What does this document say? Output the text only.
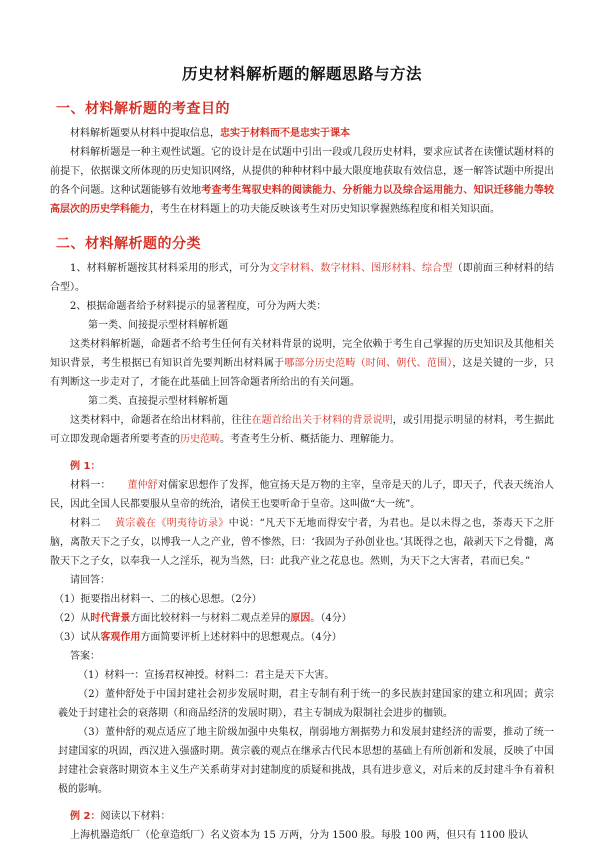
历史材料解析题的解题思路与方法
一、材料解析题的考查目的

材料解析题要从材料中提取信息，忠实于材料而不是忠实于课本

材料解析题是一种主观性试题。它的设计是在试题中引出一段或几段历史材料，要求应试者在读懂试题材料的前提下，依据课文所体现的历史知识网络，从提供的种种材料中最大限度地获取有效信息，逐一解答试题中所提出的各个问题。这种试题能够有效地考查考生驾驭史料的阅读能力、分析能力以及综合运用能力、知识迁移能力等较高层次的历史学科能力，考生在材料题上的功夫能反映该考生对历史知识掌握熟练程度和相关知识面。

二、材料解析题的分类

1、材料解析题按其材料采用的形式，可分为文字材料、数字材料、图形材料、综合型（即前面三种材料的结合型）。

2、根据命题者给予材料提示的显著程度，可分为两大类：

第一类、间接提示型材料解析题

这类材料解析题，命题者不给考生任何有关材料背景的说明，完全依赖于考生自己掌握的历史知识及其他相关知识背景，考生根据已有知识首先要判断出材料属于哪部分历史范畴（时间、朝代、范围），这是关键的一步，只有判断这一步走对了，才能在此基础上回答命题者所给出的有关问题。

第二类、直接提示型材料解析题

这类材料中，命题者在给出材料前，往往在题首给出关于材料的背景说明，或引用提示明显的材料，考生据此可立即发现命题者所要考查的历史范畴。考查考生分析、概括能力、理解能力。

例 1：

材料一： 董仲舒对儒家思想作了发挥，他宣扬天是万物的主宰，皇帝是天的儿子，即天子，代表天统治人民，因此全国人民都要服从皇帝的统治，诸侯王也要听命于皇帝。这叫做“大一统”。

材料二 黄宗羲在《明夷待访录》中说：“凡天下无地而得安宁者，为君也。是以未得之也，荼毒天下之肝脑，离散天下之子女，以博我一人之产业，曾不惨然，曰：‘我固为子孙创业也。’其既得之也，敲剥天下之骨髓，离散天下之子女，以奉我一人之淫乐，视为当然，曰：此我产业之花息也。然则，为天下之大害者，君而已矣。”

请回答：

（1）扼要指出材料一、二的核心思想。（2分）

（2）从时代背景方面比较材料一与材料二观点差异的原因。（4分）

（3）试从客观作用方面简要评析上述材料中的思想观点。（4分）

答案：

（1）材料一：宣扬君权神授。材料二：君主是天下大害。

（2）董仲舒处于中国封建社会初步发展时期，君主专制有利于统一的多民族封建国家的建立和巩固；黄宗羲处于封建社会的衰落期（和商品经济的发展时期），君主专制成为限制社会进步的枷锁。

（3）董仲舒的观点适应了地主阶级加强中央集权，削弱地方割据势力和发展封建经济的需要，推动了统一封建国家的巩固，西汉进入强盛时期。黄宗羲的观点在继承古代民本思想的基础上有所创新和发展，反映了中国封建社会衰落时期资本主义生产关系萌芽对封建制度的质疑和挑战，具有进步意义，对后来的反封建斗争有着积极的影响。

例 2：阅读以下材料：

上海机器造纸厂（伦章造纸厂）名义资本为 15 万两，分为 1500 股。每股 100 两，但只有 1100 股认
